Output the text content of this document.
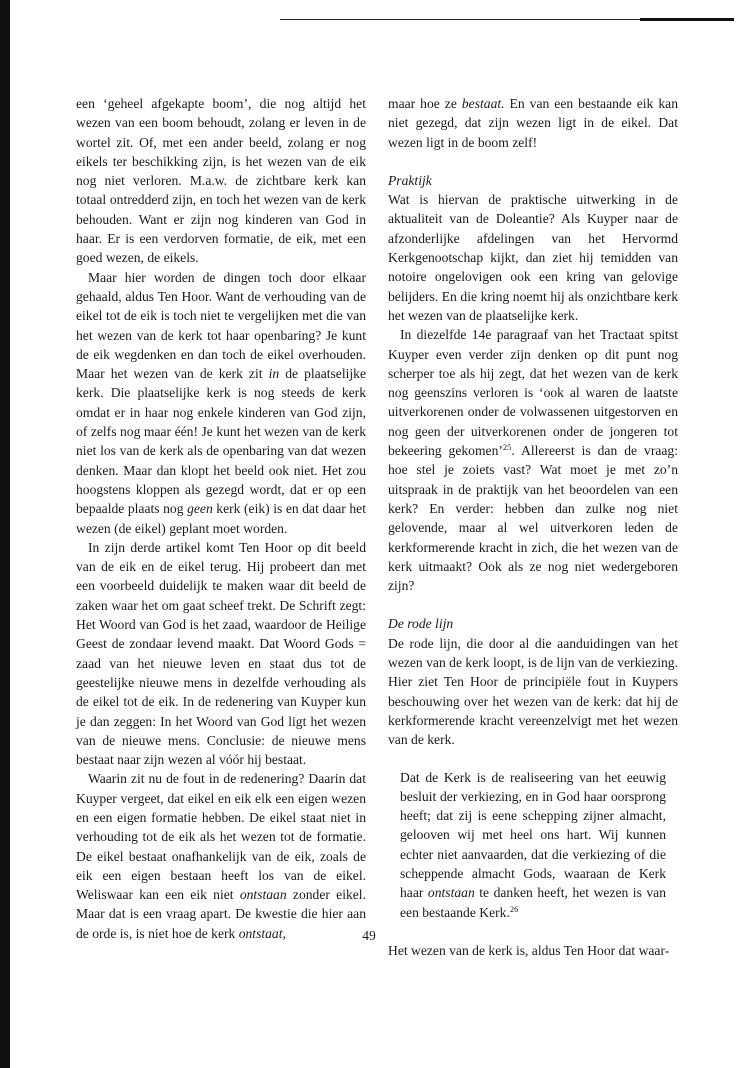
een ‘geheel afgekapte boom’, die nog altijd het wezen van een boom behoudt, zolang er leven in de wortel zit. Of, met een ander beeld, zolang er nog eikels ter beschikking zijn, is het wezen van de eik nog niet verloren. M.a.w. de zichtbare kerk kan totaal ontredderd zijn, en toch het wezen van de kerk behouden. Want er zijn nog kinderen van God in haar. Er is een verdorven formatie, de eik, met een goed wezen, de eikels.

Maar hier worden de dingen toch door elkaar gehaald, aldus Ten Hoor. Want de verhouding van de eikel tot de eik is toch niet te vergelijken met die van het wezen van de kerk tot haar openbaring? Je kunt de eik wegdenken en dan toch de eikel overhouden. Maar het wezen van de kerk zit in de plaatselijke kerk. Die plaatselijke kerk is nog steeds de kerk omdat er in haar nog enkele kinderen van God zijn, of zelfs nog maar één! Je kunt het wezen van de kerk niet los van de kerk als de openbaring van dat wezen denken. Maar dan klopt het beeld ook niet. Het zou hoogstens kloppen als gezegd wordt, dat er op een bepaalde plaats nog geen kerk (eik) is en dat daar het wezen (de eikel) geplant moet worden.

In zijn derde artikel komt Ten Hoor op dit beeld van de eik en de eikel terug. Hij probeert dan met een voorbeeld duidelijk te maken waar dit beeld de zaken waar het om gaat scheef trekt. De Schrift zegt: Het Woord van God is het zaad, waardoor de Heilige Geest de zondaar levend maakt. Dat Woord Gods = zaad van het nieuwe leven en staat dus tot de geestelijke nieuwe mens in dezelfde verhouding als de eikel tot de eik. In de redenering van Kuyper kun je dan zeggen: In het Woord van God ligt het wezen van de nieuwe mens. Conclusie: de nieuwe mens bestaat naar zijn wezen al vóór hij bestaat.

Waarin zit nu de fout in de redenering? Daarin dat Kuyper vergeet, dat eikel en eik elk een eigen wezen en een eigen formatie hebben. De eikel staat niet in verhouding tot de eik als het wezen tot de formatie. De eikel bestaat onafhankelijk van de eik, zoals de eik een eigen bestaan heeft los van de eikel. Weliswaar kan een eik niet ontstaan zonder eikel. Maar dat is een vraag apart. De kwestie die hier aan de orde is, is niet hoe de kerk ontstaat,

maar hoe ze bestaat. En van een bestaande eik kan niet gezegd, dat zijn wezen ligt in de eikel. Dat wezen ligt in de boom zelf!

Praktijk

Wat is hiervan de praktische uitwerking in de aktualiteit van de Doleantie? Als Kuyper naar de afzonderlijke afdelingen van het Hervormd Kerkgenootschap kijkt, dan ziet hij temidden van notoire ongelovigen ook een kring van gelovige belijders. En die kring noemt hij als onzichtbare kerk het wezen van de plaatselijke kerk.

In diezelfde 14e paragraaf van het Tractaat spitst Kuyper even verder zijn denken op dit punt nog scherper toe als hij zegt, dat het wezen van de kerk nog geenszins verloren is ‘ook al waren de laatste uitverkorenen onder de volwassenen uitgestorven en nog geen der uitverkorenen onder de jongeren tot bekeering gekomen’$^{25}$. Allereerst is dan de vraag: hoe stel je zoiets vast? Wat moet je met zo’n uitspraak in de praktijk van het beoordelen van een kerk? En verder: hebben dan zulke nog niet gelovende, maar al wel uitverkoren leden de kerkformerende kracht in zich, die het wezen van de kerk uitmaakt? Ook als ze nog niet wedergeboren zijn?

De rode lijn

De rode lijn, die door al die aanduidingen van het wezen van de kerk loopt, is de lijn van de verkiezing. Hier ziet Ten Hoor de principiële fout in Kuypers beschouwing over het wezen van de kerk: dat hij de kerkformerende kracht vereenzelvigt met het wezen van de kerk.

Dat de Kerk is de realiseering van het eeuwig besluit der verkiezing, en in God haar oorsprong heeft; dat zij is eene schepping zijner almacht, gelooven wij met heel ons hart. Wij kunnen echter niet aanvaarden, dat die verkiezing of die scheppende almacht Gods, waaraan de Kerk haar ontstaan te danken heeft, het wezen is van een bestaande Kerk.$^{26}$

Het wezen van de kerk is, aldus Ten Hoor dat waar-

49
